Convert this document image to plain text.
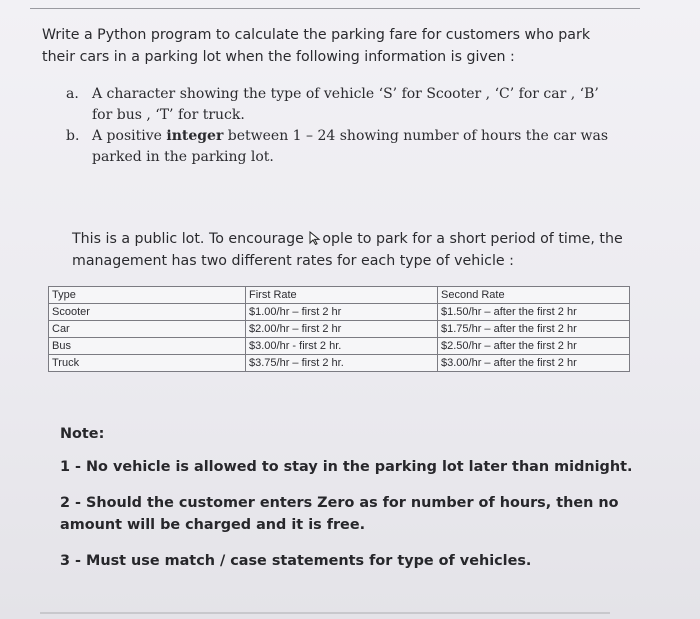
Write a Python program to calculate the parking fare for customers who park
their cars in a parking lot when the following information is given :
a. A character showing the type of vehicle ‘S’ for Scooter , ‘C’ for car , ‘B’
for bus , ‘T’ for truck.
b. A positive integer between 1 – 24 showing number of hours the car was
parked in the parking lot.
This is a public lot. To encourage ople to park for a short period of time, the
management has two different rates for each type of vehicle :
Type	First Rate	Second Rate
Scooter	$1.00/hr – first 2 hr	$1.50/hr – after the first 2 hr
Car	$2.00/hr – first 2 hr	$1.75/hr – after the first 2 hr
Bus	$3.00/hr - first 2 hr.	$2.50/hr – after the first 2 hr
Truck	$3.75/hr – first 2 hr.	$3.00/hr – after the first 2 hr
Note:
1 - No vehicle is allowed to stay in the parking lot later than midnight.
2 - Should the customer enters Zero as for number of hours, then no
amount will be charged and it is free.
3 - Must use match / case statements for type of vehicles.
